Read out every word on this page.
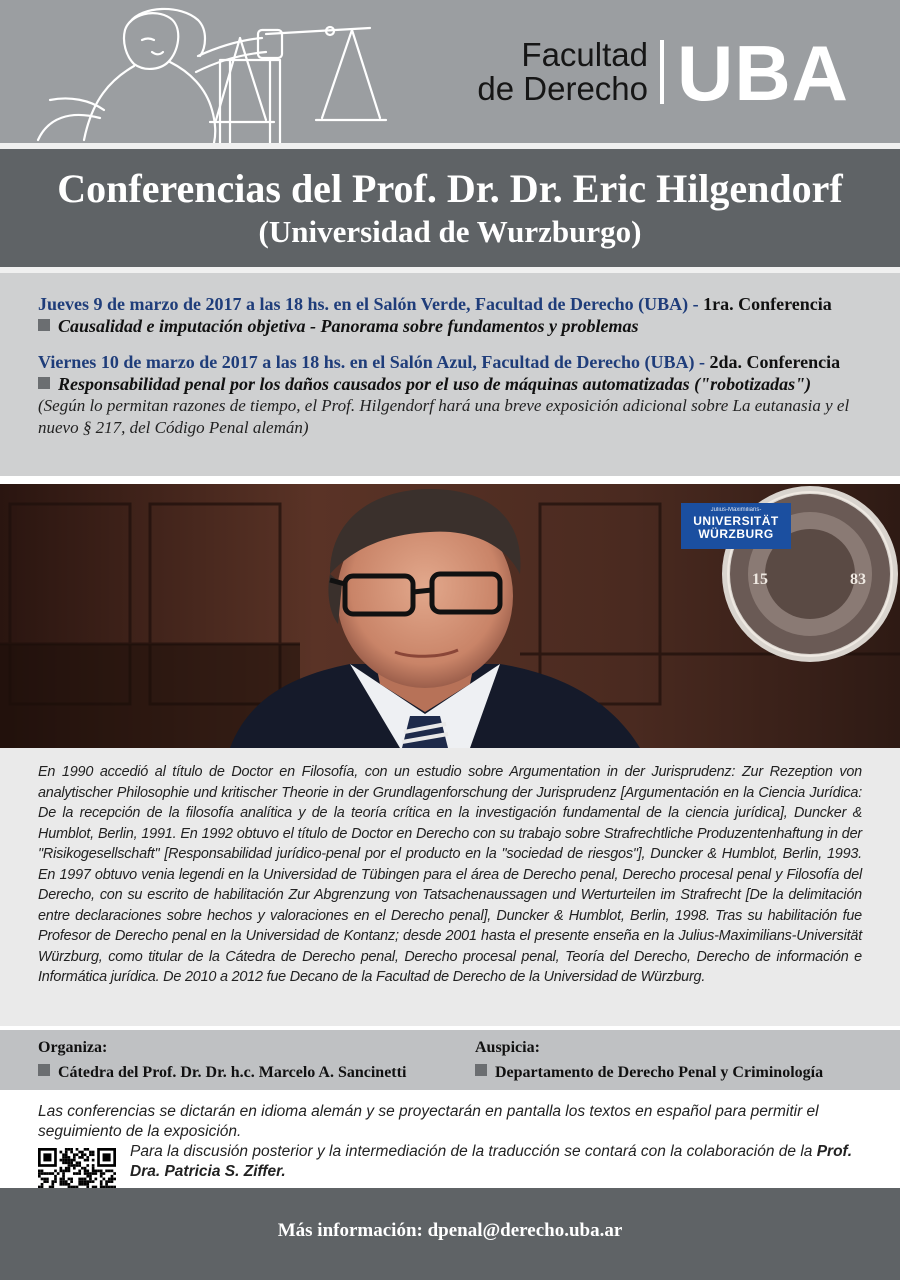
Facultad
de Derecho UBA
Conferencias del Prof. Dr. Dr. Eric Hilgendorf
(Universidad de Wurzburgo)
Jueves 9 de marzo de 2017 a las 18 hs. en el Salón Verde, Facultad de Derecho (UBA) - 1ra. Conferencia
Causalidad e imputación objetiva - Panorama sobre fundamentos y problemas
Viernes 10 de marzo de 2017 a las 18 hs. en el Salón Azul, Facultad de Derecho (UBA) - 2da. Conferencia
Responsabilidad penal por los daños causados por el uso de máquinas automatizadas ("robotizadas")
(Según lo permitan razones de tiempo, el Prof. Hilgendorf hará una breve exposición adicional sobre La eutanasia y el nuevo § 217, del Código Penal alemán)
15	83
Julius-Maximilians-
UNIVERSITÄT
WÜRZBURG

En 1990 accedió al título de Doctor en Filosofía, con un estudio sobre Argumentation in der Jurisprudenz: Zur Rezeption von analytischer Philosophie und kritischer Theorie in der Grundlagenforschung der Jurisprudenz [Argumentación en la Ciencia Jurídica: De la recepción de la filosofía analítica y de la teoría crítica en la investigación fundamental de la ciencia jurídica], Duncker & Humblot, Berlin, 1991. En 1992 obtuvo el título de Doctor en Derecho con su trabajo sobre Strafrechtliche Produzentenhaftung in der "Risikogesellschaft" [Responsabilidad jurídico-penal por el producto en la "sociedad de riesgos"], Duncker & Humblot, Berlin, 1993. En 1997 obtuvo venia legendi en la Universidad de Tübingen para el área de Derecho penal, Derecho procesal penal y Filosofía del Derecho, con su escrito de habilitación Zur Abgrenzung von Tatsachenaussagen und Werturteilen im Strafrecht [De la delimitación entre declaraciones sobre hechos y valoraciones en el Derecho penal], Duncker & Humblot, Berlin, 1998. Tras su habilitación fue Profesor de Derecho penal en la Universidad de Kontanz; desde 2001 hasta el presente enseña en la Julius-Maximilians-Universität Würzburg, como titular de la Cátedra de Derecho penal, Derecho procesal penal, Teoría del Derecho, Derecho de información e Informática jurídica. De 2010 a 2012 fue Decano de la Facultad de Derecho de la Universidad de Würzburg.

Organiza:
Cátedra del Prof. Dr. Dr. h.c. Marcelo A. Sancinetti
Auspicia:
Departamento de Derecho Penal y Criminología
Las conferencias se dictarán en idioma alemán y se proyectarán en pantalla los textos en español para permitir el seguimiento de la exposición.
Para la discusión posterior y la intermediación de la traducción se contará con la colaboración de la Prof. Dra. Patricia S. Ziffer.
Más información: dpenal@derecho.uba.ar
